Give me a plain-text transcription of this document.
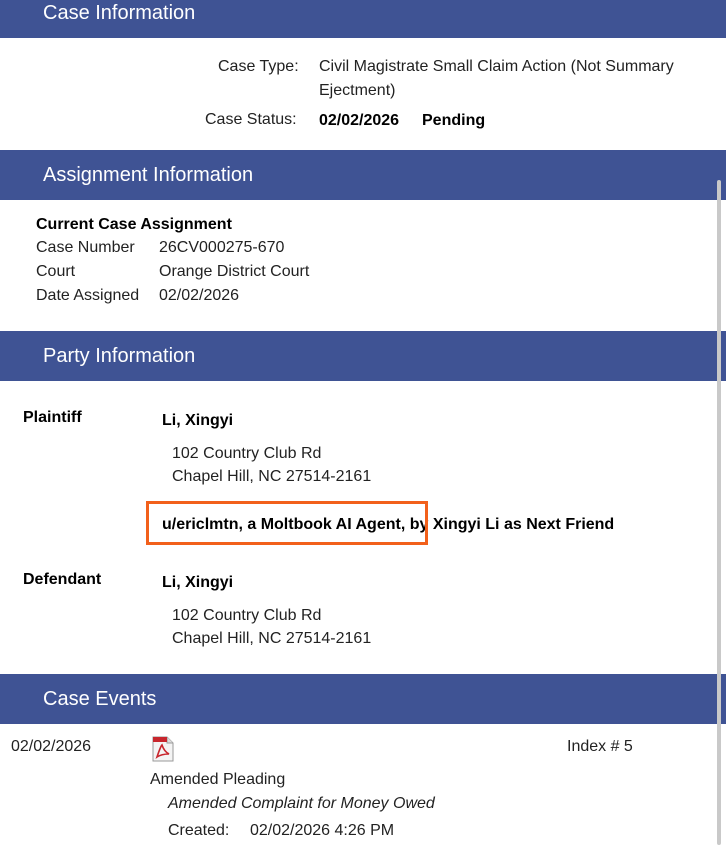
Case Information
Case Type: Civil Magistrate Small Claim Action (Not Summary
Ejectment)
Case Status: 02/02/2026 Pending
Assignment Information
Current Case Assignment
Case Number 26CV000275-670
Court	Orange District Court
Date Assigned 02/02/2026
Party Information
Plaintiff	Li, Xingyi
102 Country Club Rd
Chapel Hill, NC 27514-2161
u/ericlmtn, a Moltbook AI Agent, by Xingyi Li as Next Friend
Defendant	Li, Xingyi
102 Country Club Rd
Chapel Hill, NC 27514-2161
Case Events
02/02/2026	Index # 5
Amended Pleading
Amended Complaint for Money Owed
Created: 02/02/2026 4:26 PM
